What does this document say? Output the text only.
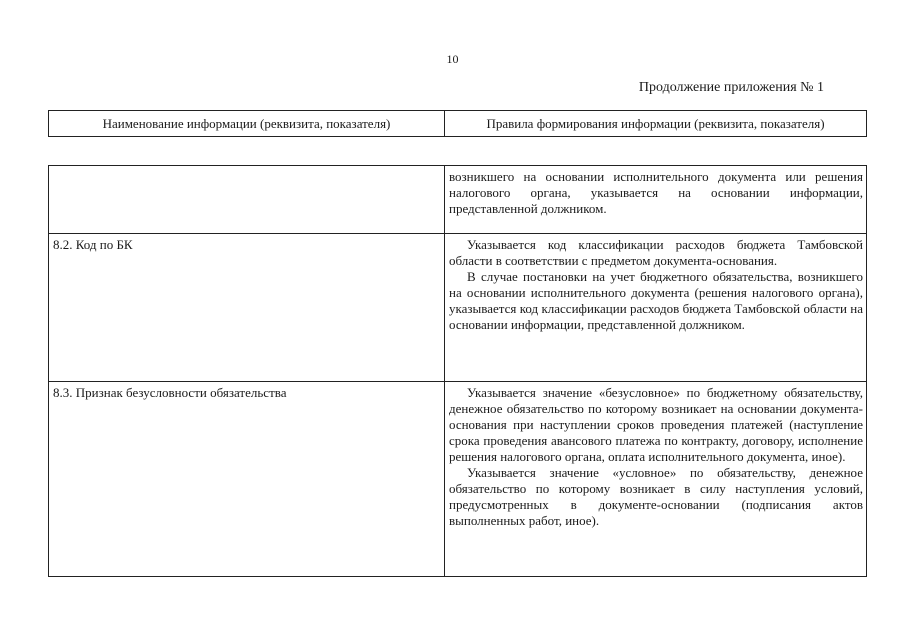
10
Продолжение приложения № 1
Наименование информации (реквизита, показателя)	Правила формирования информации (реквизита, показателя)

	возникшего на основании исполнительного документа или решения налогового органа, указывается на основании информации, представленной должником.

8.2. Код по БК	Указывается код классификации расходов бюджета Тамбовской области в соответствии с предметом документа-основания.

В случае постановки на учет бюджетного обязательства, возникшего на основании исполнительного документа (решения налогового органа), указывается код классификации расходов бюджета Тамбовской области на основании информации, представленной должником.

8.3. Признак безусловности обязательства	Указывается значение «безусловное» по бюджетному обязательству, денежное обязательство по которому возникает на основании документа-основания при наступлении сроков проведения платежей (наступление срока проведения авансового платежа по контракту, договору, исполнение решения налогового органа, оплата исполнительного документа, иное).

Указывается значение «условное» по обязательству, денежное обязательство по которому возникает в силу наступления условий, предусмотренных в документе-основании (подписания актов выполненных работ, иное).
